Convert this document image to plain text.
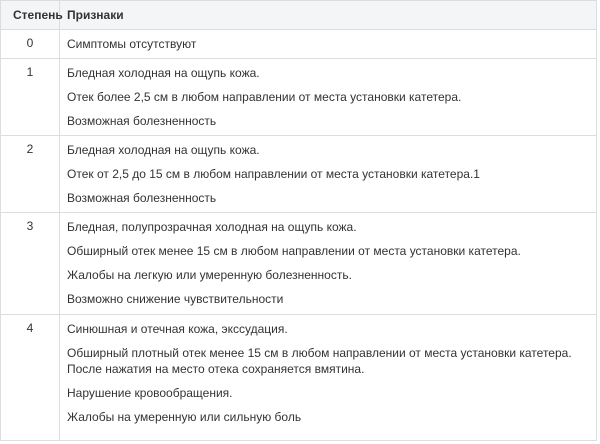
Степень Признаки
0	Симптомы отсутствуют
1	Бледная холодная на ощупь кожа.
Отек более 2,5 см в любом направлении от места установки катетера.
Возможная болезненность
2	Бледная холодная на ощупь кожа.
Отек от 2,5 до 15 см в любом направлении от места установки катетера.1
Возможная болезненность
3	Бледная, полупрозрачная холодная на ощупь кожа.
Обширный отек менее 15 см в любом направлении от места установки катетера.
Жалобы на легкую или умеренную болезненность.
Возможно снижение чувствительности
4	Синюшная и отечная кожа, экссудация.
Обширный плотный отек менее 15 см в любом направлении от места установки катетера. После нажатия на место отека сохраняется вмятина.
Нарушение кровообращения.
Жалобы на умеренную или сильную боль
